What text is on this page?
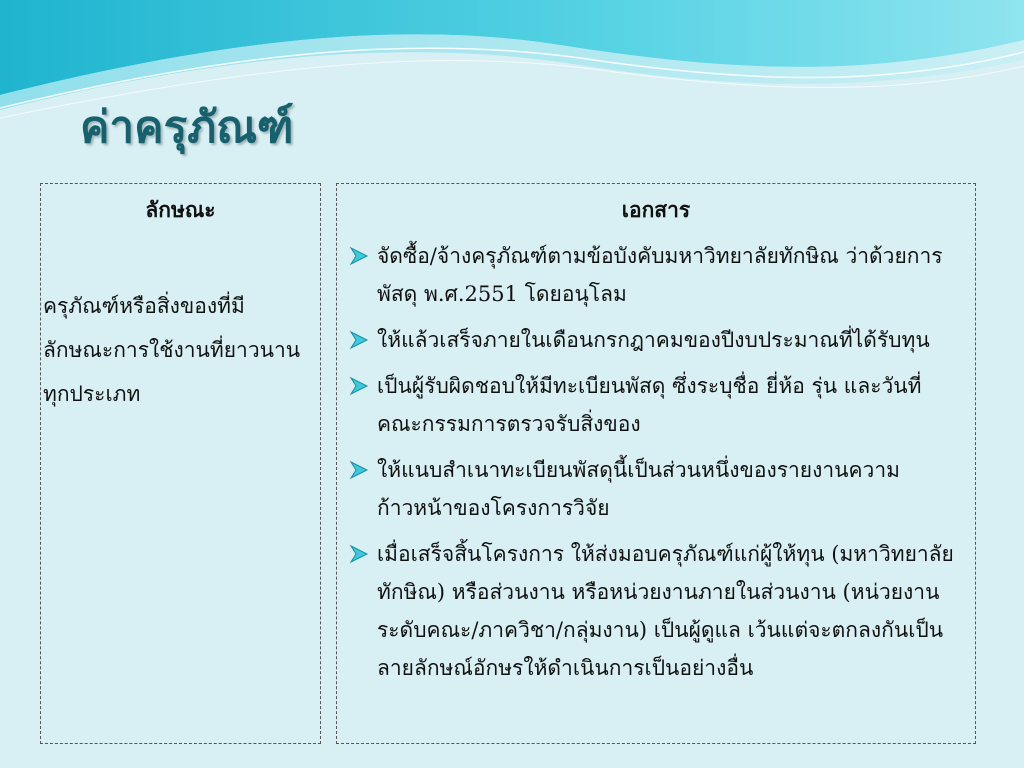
ค่าครุภัณฑ์
ลักษณะ
ครุภัณฑ์หรือสิ่งของที่มี
ลักษณะการใช้งานที่ยาวนาน
ทุกประเภท
เอกสาร
จัดซื้อ/จ้างครุภัณฑ์ตามข้อบังคับมหาวิทยาลัยทักษิณ ว่าด้วยการพัสดุ พ.ศ.2551 โดยอนุโลม
ให้แล้วเสร็จภายในเดือนกรกฎาคมของปีงบประมาณที่ได้รับทุน
เป็นผู้รับผิดชอบให้มีทะเบียนพัสดุ ซึ่งระบุชื่อ ยี่ห้อ รุ่น และวันที่ คณะกรรมการตรวจรับสิ่งของ
ให้แนบสำเนาทะเบียนพัสดุนี้เป็นส่วนหนึ่งของรายงานความก้าวหน้าของโครงการวิจัย
เมื่อเสร็จสิ้นโครงการ ให้ส่งมอบครุภัณฑ์แก่ผู้ให้ทุน (มหาวิทยาลัยทักษิณ) หรือส่วนงาน หรือหน่วยงานภายในส่วนงาน (หน่วยงานระดับคณะ/ภาควิชา/กลุ่มงาน) เป็นผู้ดูแล เว้นแต่จะตกลงกันเป็นลายลักษณ์อักษรให้ดำเนินการเป็นอย่างอื่น
